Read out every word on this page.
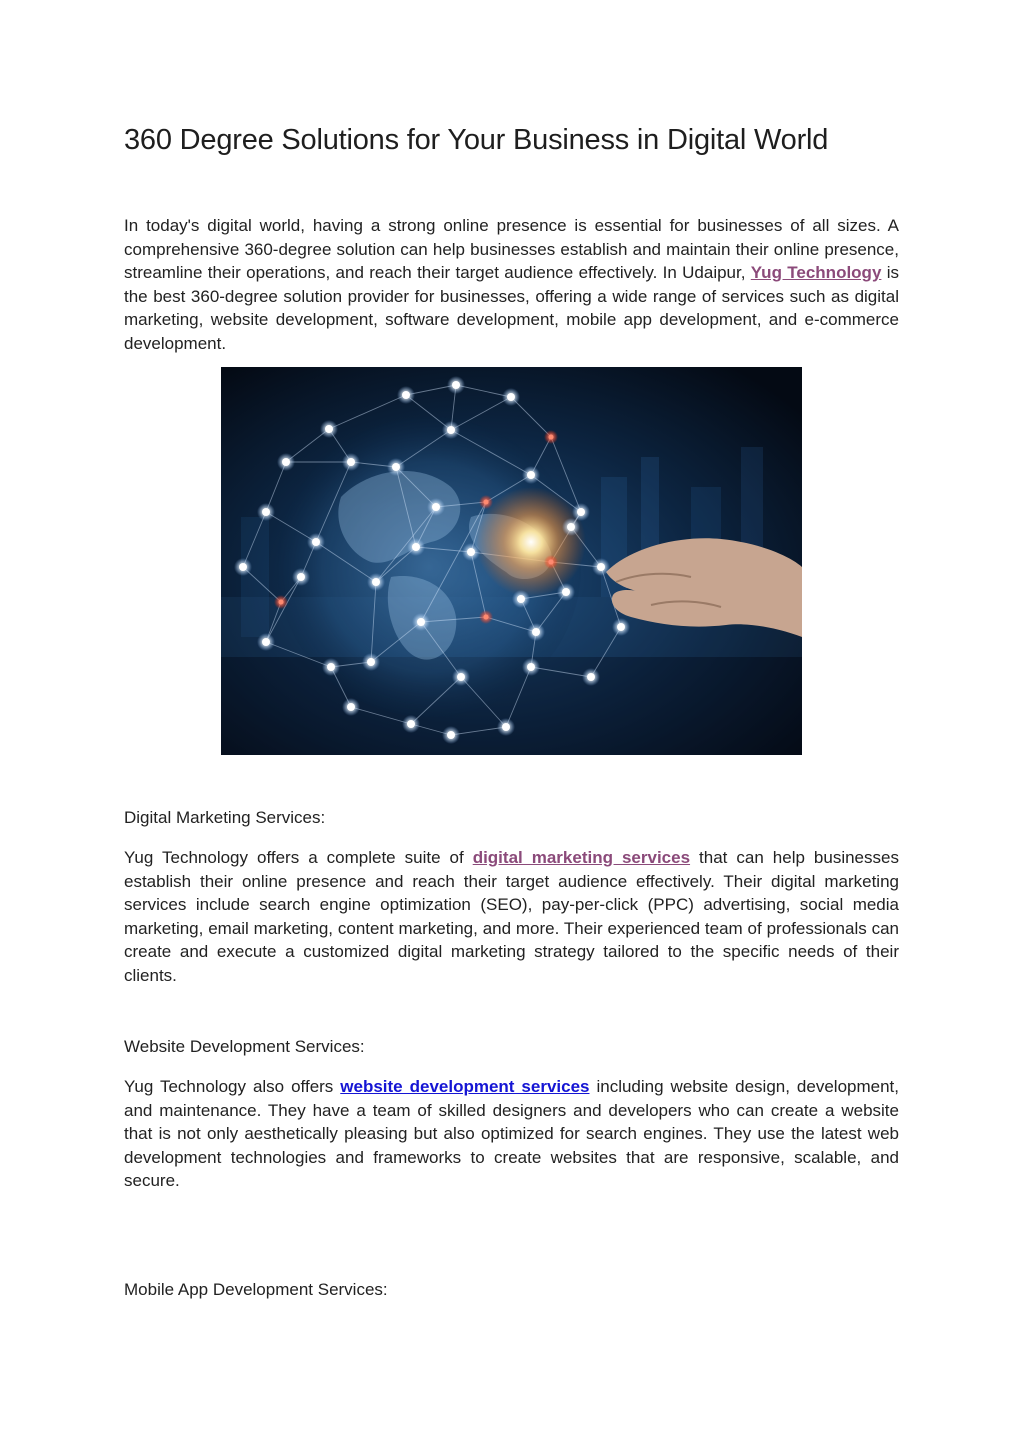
360 Degree Solutions for Your Business in Digital World

In today's digital world, having a strong online presence is essential for businesses of all sizes. A comprehensive 360-degree solution can help businesses establish and maintain their online presence, streamline their operations, and reach their target audience effectively. In Udaipur, Yug Technology is the best 360-degree solution provider for businesses, offering a wide range of services such as digital marketing, website development, software development, mobile app development, and e-commerce development.

Digital Marketing Services:

Yug Technology offers a complete suite of digital marketing services that can help businesses establish their online presence and reach their target audience effectively. Their digital marketing services include search engine optimization (SEO), pay-per-click (PPC) advertising, social media marketing, email marketing, content marketing, and more. Their experienced team of professionals can create and execute a customized digital marketing strategy tailored to the specific needs of their clients.

Website Development Services:

Yug Technology also offers website development services including website design, development, and maintenance. They have a team of skilled designers and developers who can create a website that is not only aesthetically pleasing but also optimized for search engines. They use the latest web development technologies and frameworks to create websites that are responsive, scalable, and secure.

Mobile App Development Services:
